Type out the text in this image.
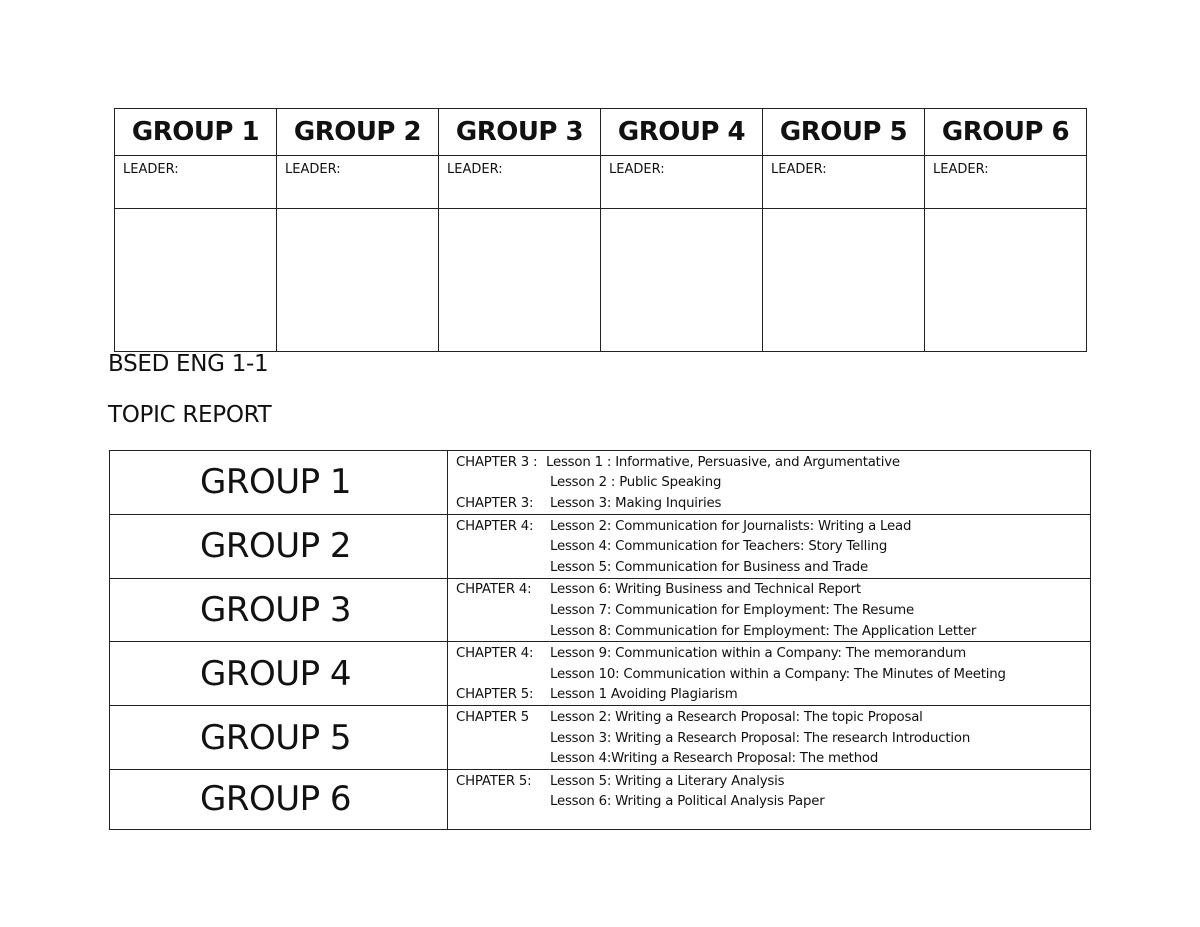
GROUP 1	GROUP 2	GROUP 3	GROUP 4	GROUP 5	GROUP 6
LEADER:	LEADER:	LEADER:	LEADER:	LEADER:	LEADER:

BSED ENG 1-1
TOPIC REPORT
GROUP 1	CHAPTER 3 : Lesson 1 : Informative, Persuasive, and Argumentative
Lesson 2 : Public Speaking
CHAPTER 3: Lesson 3: Making Inquiries

GROUP 2	CHAPTER 4: Lesson 2: Communication for Journalists: Writing a Lead
Lesson 4: Communication for Teachers: Story Telling
Lesson 5: Communication for Business and Trade

GROUP 3	CHPATER 4: Lesson 6: Writing Business and Technical Report
Lesson 7: Communication for Employment: The Resume
Lesson 8: Communication for Employment: The Application Letter

GROUP 4	CHAPTER 4: Lesson 9: Communication within a Company: The memorandum
Lesson 10: Communication within a Company: The Minutes of Meeting
CHAPTER 5: Lesson 1 Avoiding Plagiarism

GROUP 5	CHAPTER 5 Lesson 2: Writing a Research Proposal: The topic Proposal
Lesson 3: Writing a Research Proposal: The research Introduction
Lesson 4:Writing a Research Proposal: The method

GROUP 6	CHPATER 5: Lesson 5: Writing a Literary Analysis
Lesson 6: Writing a Political Analysis Paper
